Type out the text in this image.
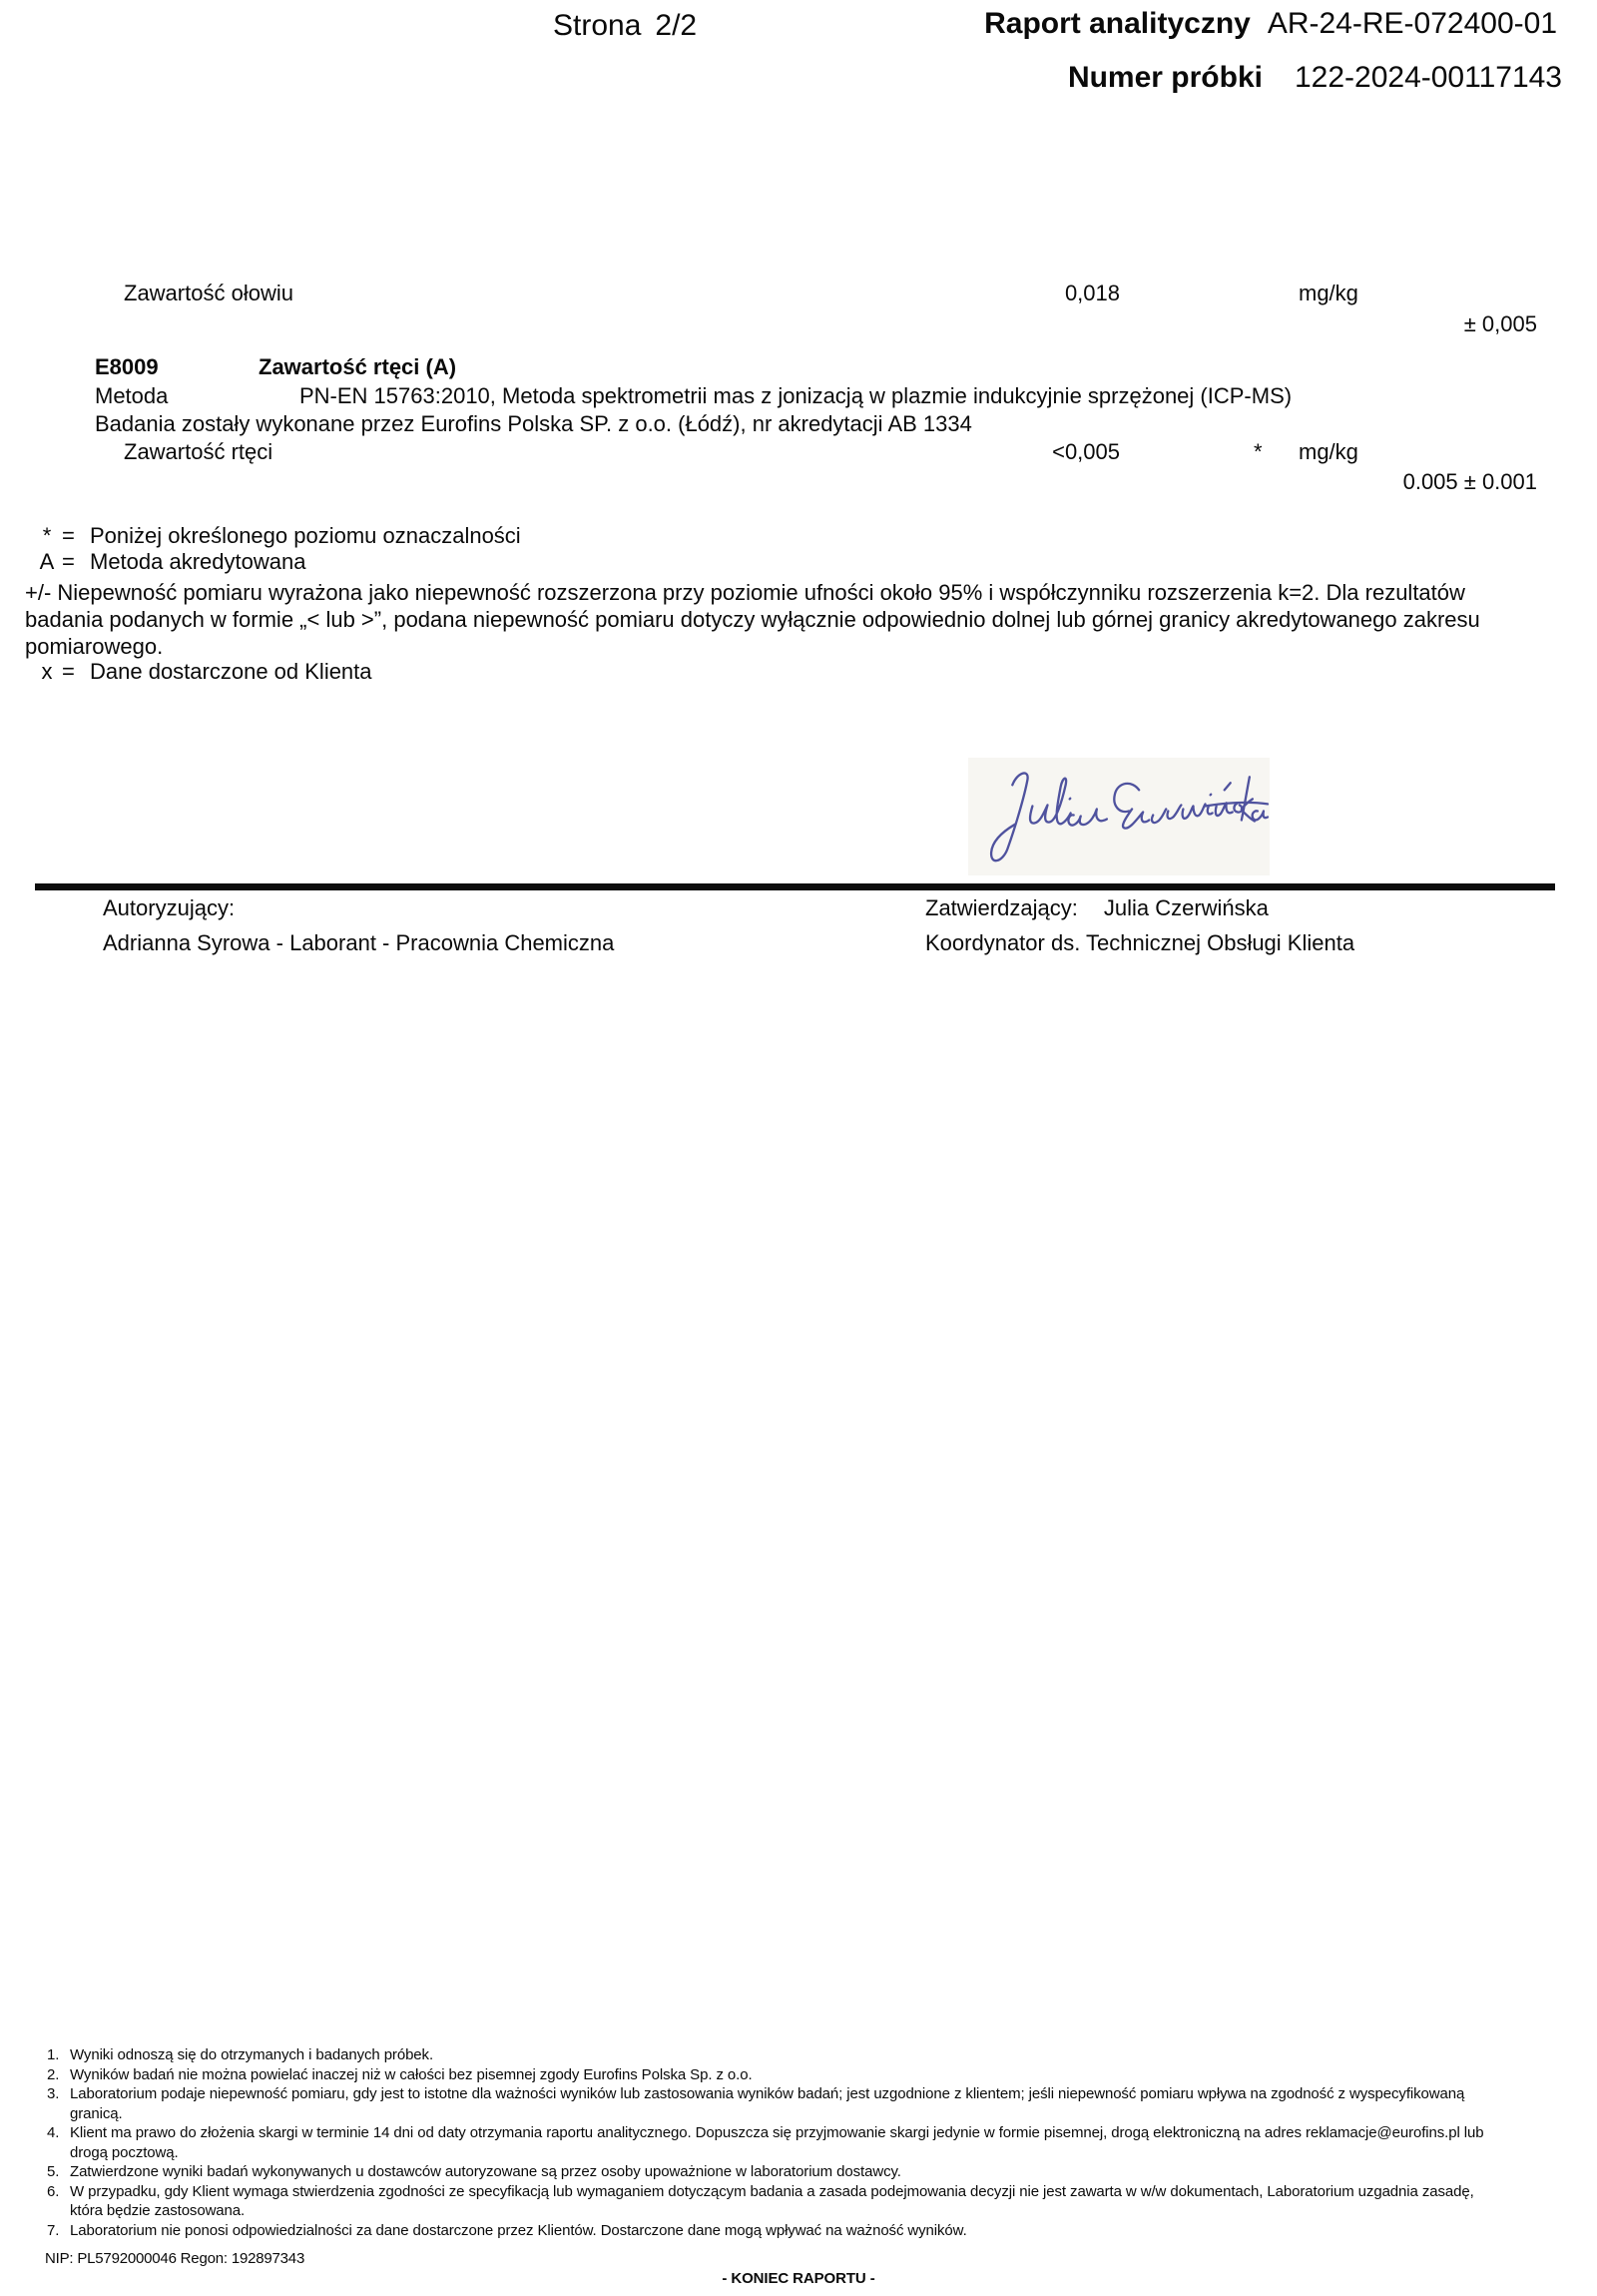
Strona 2/2	Raport analityczny AR-24-RE-072400-01
Numer próbki 122-2024-00117143
Zawartość ołowiu	0,018	mg/kg
± 0,005
E8009	Zawartość rtęci (A)
Metoda	PN-EN 15763:2010, Metoda spektrometrii mas z jonizacją w plazmie indukcyjnie sprzężonej (ICP-MS)
Badania zostały wykonane przez Eurofins Polska SP. z o.o. (Łódź), nr akredytacji AB 1334
Zawartość rtęci	<0,005	* mg/kg
0.005 ± 0.001
* = Poniżej określonego poziomu oznaczalności
A = Metoda akredytowana
+/- Niepewność pomiaru wyrażona jako niepewność rozszerzona przy poziomie ufności około 95% i współczynniku rozszerzenia k=2. Dla rezultatów badania podanych w formie „< lub >”, podana niepewność pomiaru dotyczy wyłącznie odpowiednio dolnej lub górnej granicy akredytowanego zakresu pomiarowego.
x = Dane dostarczone od Klienta
Autoryzujący:
Adrianna Syrowa - Laborant - Pracownia Chemiczna
Zatwierdzający: Julia Czerwińska
Koordynator ds. Technicznej Obsługi Klienta
1. Wyniki odnoszą się do otrzymanych i badanych próbek.
2. Wyników badań nie można powielać inaczej niż w całości bez pisemnej zgody Eurofins Polska Sp. z o.o.
3. Laboratorium podaje niepewność pomiaru, gdy jest to istotne dla ważności wyników lub zastosowania wyników badań; jest uzgodnione z klientem; jeśli niepewność pomiaru wpływa na zgodność z wyspecyfikowaną granicą.
4. Klient ma prawo do złożenia skargi w terminie 14 dni od daty otrzymania raportu analitycznego. Dopuszcza się przyjmowanie skargi jedynie w formie pisemnej, drogą elektroniczną na adres reklamacje@eurofins.pl lub drogą pocztową.
5. Zatwierdzone wyniki badań wykonywanych u dostawców autoryzowane są przez osoby upoważnione w laboratorium dostawcy.
6. W przypadku, gdy Klient wymaga stwierdzenia zgodności ze specyfikacją lub wymaganiem dotyczącym badania a zasada podejmowania decyzji nie jest zawarta w w/w dokumentach, Laboratorium uzgadnia zasadę, która będzie zastosowana.
7. Laboratorium nie ponosi odpowiedzialności za dane dostarczone przez Klientów. Dostarczone dane mogą wpływać na ważność wyników.
NIP: PL5792000046 Regon: 192897343
- KONIEC RAPORTU -
